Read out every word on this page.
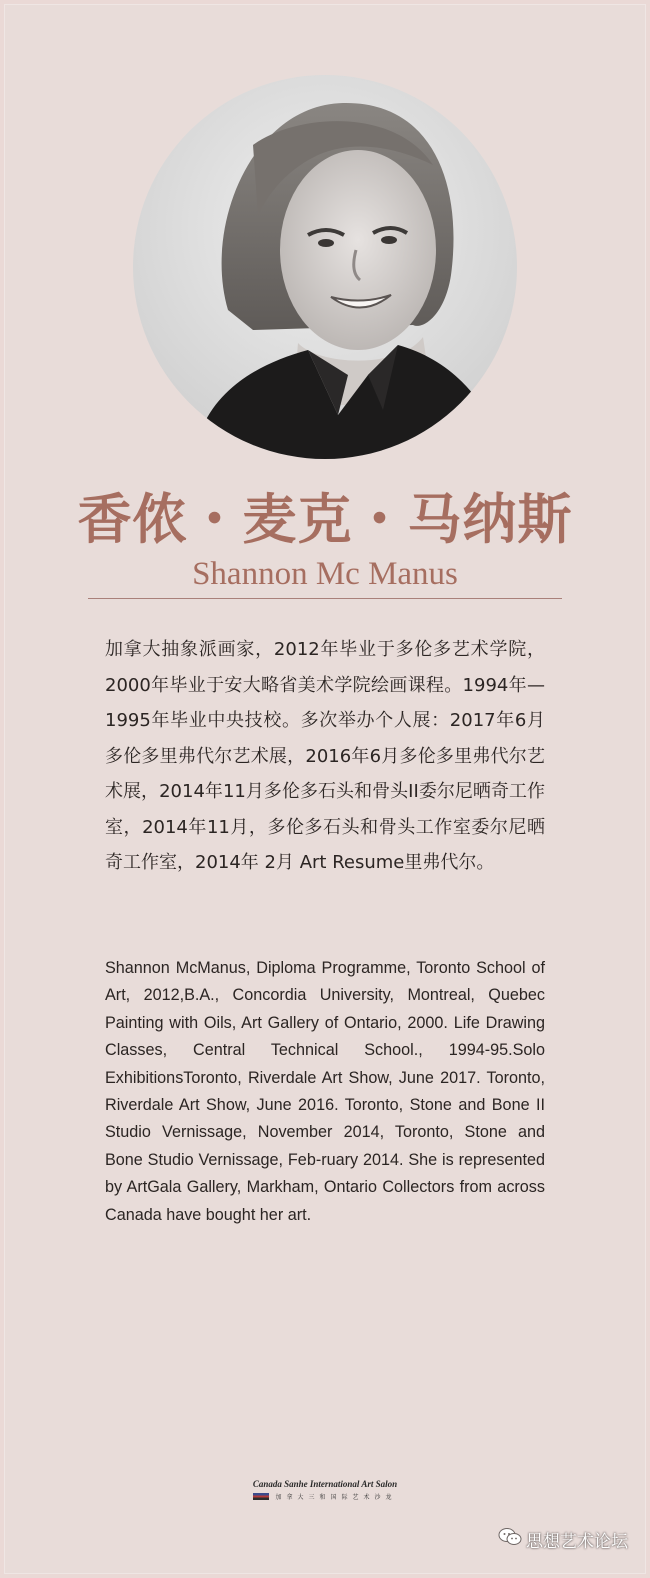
香侬・麦克・马纳斯
Shannon Mc Manus

加拿大抽象派画家，2012年毕业于多伦多艺术学院，2000年毕业于安大略省美术学院绘画课程。1994年—1995年毕业中央技校。多次举办个人展：2017年6月多伦多里弗代尔艺术展，2016年6月多伦多里弗代尔艺术展，2014年11月多伦多石头和骨头II委尔尼晒奇工作室，2014年11月，多伦多石头和骨头工作室委尔尼晒奇工作室，2014年 2月 Art Resume里弗代尔。

Shannon McManus, Diploma Programme, Toronto School of Art, 2012,B.A., Concordia University, Montreal, Quebec Painting with Oils, Art Gallery of Ontario, 2000. Life Drawing Classes, Central Technical School., 1994-95.Solo ExhibitionsToronto, Riverdale Art Show, June 2017. Toronto, Riverdale Art Show, June 2016. Toronto, Stone and Bone II Studio Vernissage, November 2014, Toronto, Stone and Bone Studio Vernissage, Feb-ruary 2014. She is represented by ArtGala Gallery, Markham, Ontario Collectors from across Canada have bought her art.

Canada Sanhe International Art Salon
加拿大三和国际艺术沙龙
思想艺术论坛
